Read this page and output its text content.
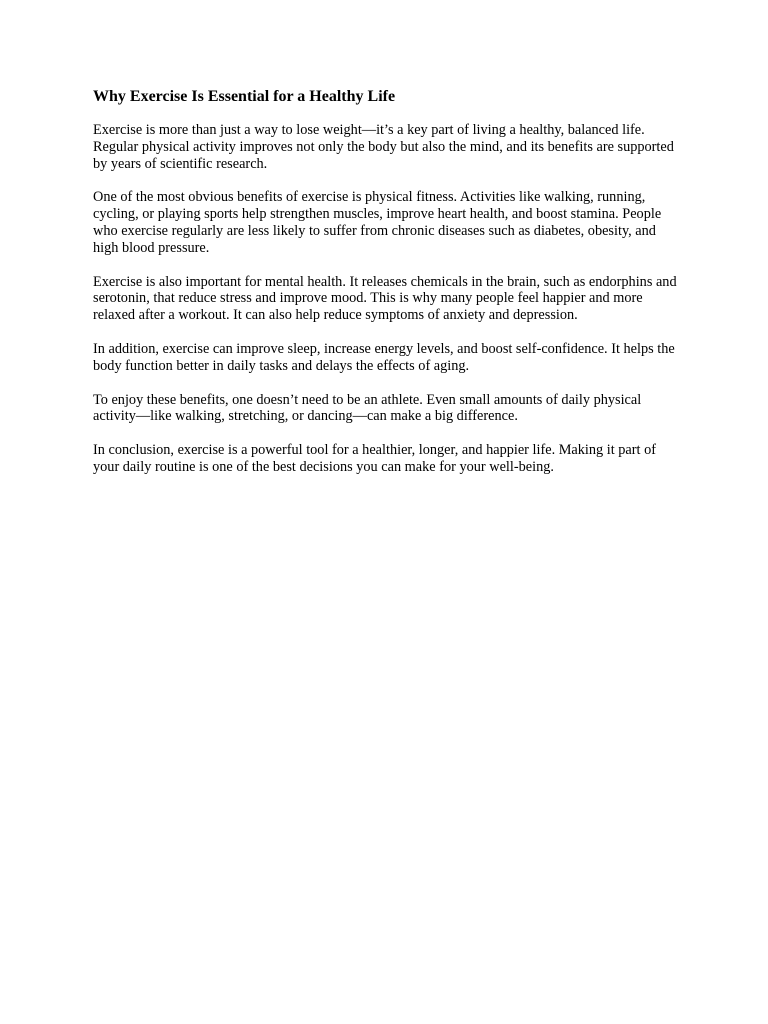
Why Exercise Is Essential for a Healthy Life

Exercise is more than just a way to lose weight—it’s a key part of living a healthy, balanced life. Regular physical activity improves not only the body but also the mind, and its benefits are supported by years of scientific research.

One of the most obvious benefits of exercise is physical fitness. Activities like walking, running, cycling, or playing sports help strengthen muscles, improve heart health, and boost stamina. People who exercise regularly are less likely to suffer from chronic diseases such as diabetes, obesity, and high blood pressure.

Exercise is also important for mental health. It releases chemicals in the brain, such as endorphins and serotonin, that reduce stress and improve mood. This is why many people feel happier and more relaxed after a workout. It can also help reduce symptoms of anxiety and depression.

In addition, exercise can improve sleep, increase energy levels, and boost self-confidence. It helps the body function better in daily tasks and delays the effects of aging.

To enjoy these benefits, one doesn’t need to be an athlete. Even small amounts of daily physical activity—like walking, stretching, or dancing—can make a big difference.

In conclusion, exercise is a powerful tool for a healthier, longer, and happier life. Making it part of your daily routine is one of the best decisions you can make for your well-being.
